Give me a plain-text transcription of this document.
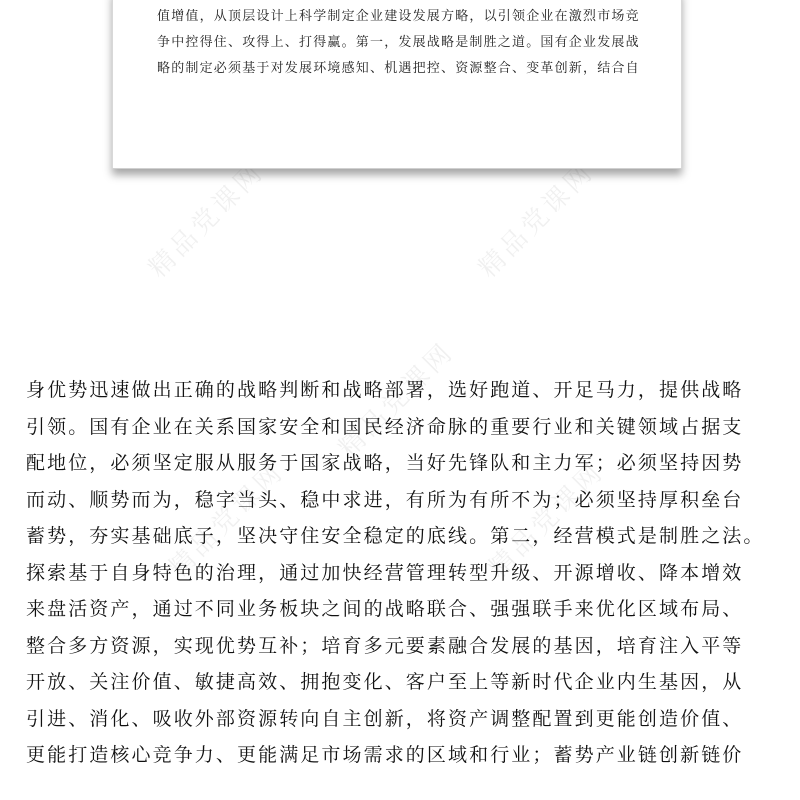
精品党课网	精品党课网
精品党课网
精品党课网	精品党课网
值增值，从顶层设计上科学制定企业建设发展方略，以引领企业在激烈市场竞
争中控得住、攻得上、打得赢。第一，发展战略是制胜之道。国有企业发展战
略的制定必须基于对发展环境感知、机遇把控、资源整合、变革创新，结合自
身优势迅速做出正确的战略判断和战略部署，选好跑道、开足马力，提供战略
引领。国有企业在关系国家安全和国民经济命脉的重要行业和关键领域占据支
配地位，必须坚定服从服务于国家战略，当好先锋队和主力军；必须坚持因势
而动、顺势而为，稳字当头、稳中求进，有所为有所不为；必须坚持厚积垒台
蓄势，夯实基础底子，坚决守住安全稳定的底线。第二，经营模式是制胜之法。
探索基于自身特色的治理，通过加快经营管理转型升级、开源增收、降本增效
来盘活资产，通过不同业务板块之间的战略联合、强强联手来优化区域布局、
整合多方资源，实现优势互补；培育多元要素融合发展的基因，培育注入平等
开放、关注价值、敏捷高效、拥抱变化、客户至上等新时代企业内生基因，从
引进、消化、吸收外部资源转向自主创新，将资产调整配置到更能创造价值、
更能打造核心竞争力、更能满足市场需求的区域和行业；蓄势产业链创新链价
